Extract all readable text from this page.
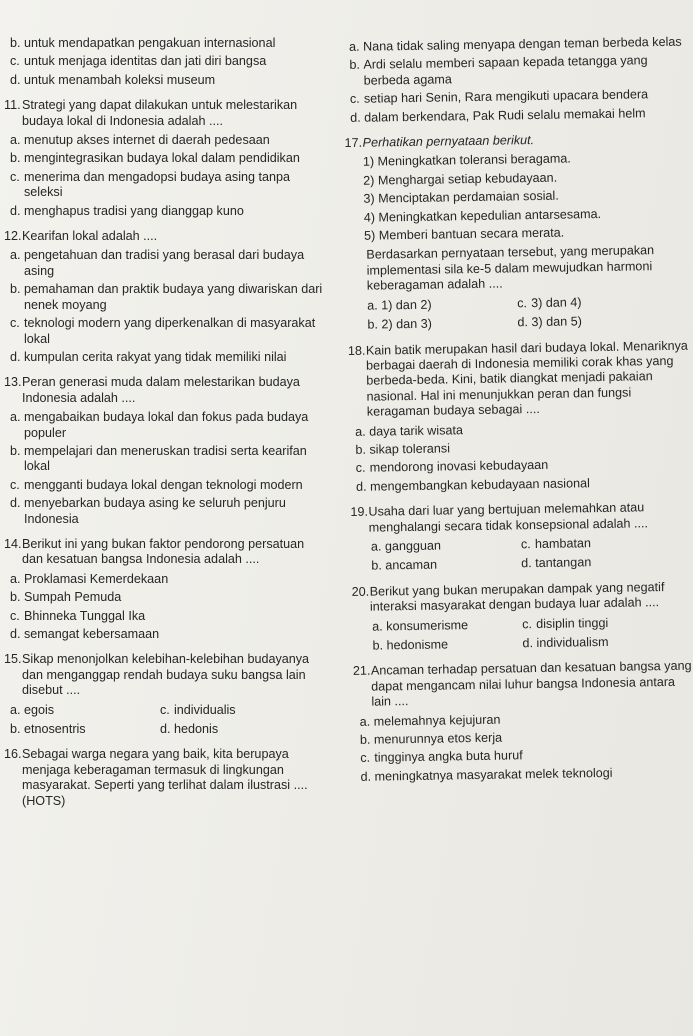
b. untuk mendapatkan pengakuan internasional
c. untuk menjaga identitas dan jati diri bangsa
d. untuk menambah koleksi museum
11.Strategi yang dapat dilakukan untuk melestarikan budaya lokal di Indonesia adalah ....
a. menutup akses internet di daerah pedesaan
b. mengintegrasikan budaya lokal dalam pendidikan
c. menerima dan mengadopsi budaya asing tanpa seleksi
d. menghapus tradisi yang dianggap kuno
12.Kearifan lokal adalah ....
a. pengetahuan dan tradisi yang berasal dari budaya asing
b. pemahaman dan praktik budaya yang diwariskan dari nenek moyang
c. teknologi modern yang diperkenalkan di masyarakat lokal
d. kumpulan cerita rakyat yang tidak memiliki nilai
13.Peran generasi muda dalam melestarikan budaya Indonesia adalah ....
a. mengabaikan budaya lokal dan fokus pada budaya populer
b. mempelajari dan meneruskan tradisi serta kearifan lokal
c. mengganti budaya lokal dengan teknologi modern
d. menyebarkan budaya asing ke seluruh penjuru Indonesia
14.Berikut ini yang bukan faktor pendorong persatuan dan kesatuan bangsa Indonesia adalah ....
a. Proklamasi Kemerdekaan
b. Sumpah Pemuda
c. Bhinneka Tunggal Ika
d. semangat kebersamaan
15.Sikap menonjolkan kelebihan-kelebihan budayanya dan menganggap rendah budaya suku bangsa lain disebut ....
a. egois	c. individualis
b. etnosentris	d. hedonis
16.Sebagai warga negara yang baik, kita berupaya menjaga keberagaman termasuk di lingkungan masyarakat. Seperti yang terlihat dalam ilustrasi .... (HOTS)
a. Nana tidak saling menyapa dengan teman berbeda kelas
b. Ardi selalu memberi sapaan kepada tetangga yang berbeda agama
c. setiap hari Senin, Rara mengikuti upacara bendera
d. dalam berkendara, Pak Rudi selalu memakai helm
17.Perhatikan pernyataan berikut.
1) Meningkatkan toleransi beragama.
2) Menghargai setiap kebudayaan.
3) Menciptakan perdamaian sosial.
4) Meningkatkan kepedulian antarsesama.
5) Memberi bantuan secara merata.
Berdasarkan pernyataan tersebut, yang merupakan implementasi sila ke-5 dalam mewujudkan harmoni keberagaman adalah ....
a. 1) dan 2)	c. 3) dan 4)
b. 2) dan 3)	d. 3) dan 5)
18.Kain batik merupakan hasil dari budaya lokal. Menariknya berbagai daerah di Indonesia memiliki corak khas yang berbeda-beda. Kini, batik diangkat menjadi pakaian nasional. Hal ini menunjukkan peran dan fungsi keragaman budaya sebagai ....
a. daya tarik wisata
b. sikap toleransi
c. mendorong inovasi kebudayaan
d. mengembangkan kebudayaan nasional
19.Usaha dari luar yang bertujuan melemahkan atau menghalangi secara tidak konsepsional adalah ....
a. gangguan	c. hambatan
b. ancaman	d. tantangan
20.Berikut yang bukan merupakan dampak yang negatif interaksi masyarakat dengan budaya luar adalah ....
a. konsumerisme	c. disiplin tinggi
b. hedonisme	d. individualism
21.Ancaman terhadap persatuan dan kesatuan bangsa yang dapat mengancam nilai luhur bangsa Indonesia antara lain ....
a. melemahnya kejujuran
b. menurunnya etos kerja
c. tingginya angka buta huruf
d. meningkatnya masyarakat melek teknologi
